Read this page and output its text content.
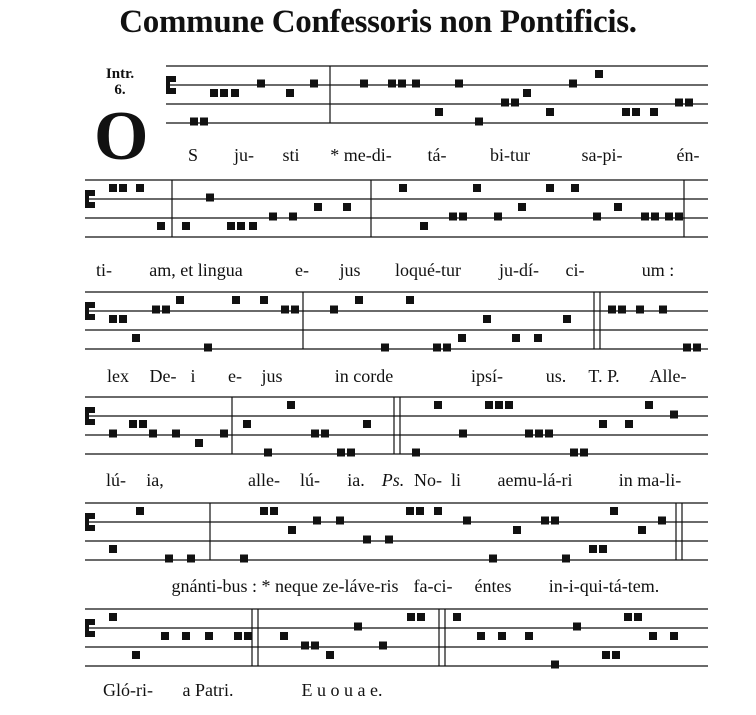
Commune Confessoris non Pontificis.
Intr.
6.
O S ju- sti * me-di- tá- bi-tur	sa-pi-	én-
ti- am, et lingua	e- jus loqué-tur ju-dí- ci-	um :
lex De- i e- jus	in corde	ipsí- us. T. P. Alle-
lú- ia,	alle- lú- ia. Ps. No- li aemu-lá-ri	in ma-li-
gnánti-bus : * neque ze-láve-ris fa-ci- éntes in-i-qui-tá-tem.
Gló-ri- a Patri.	E u o u a e.
